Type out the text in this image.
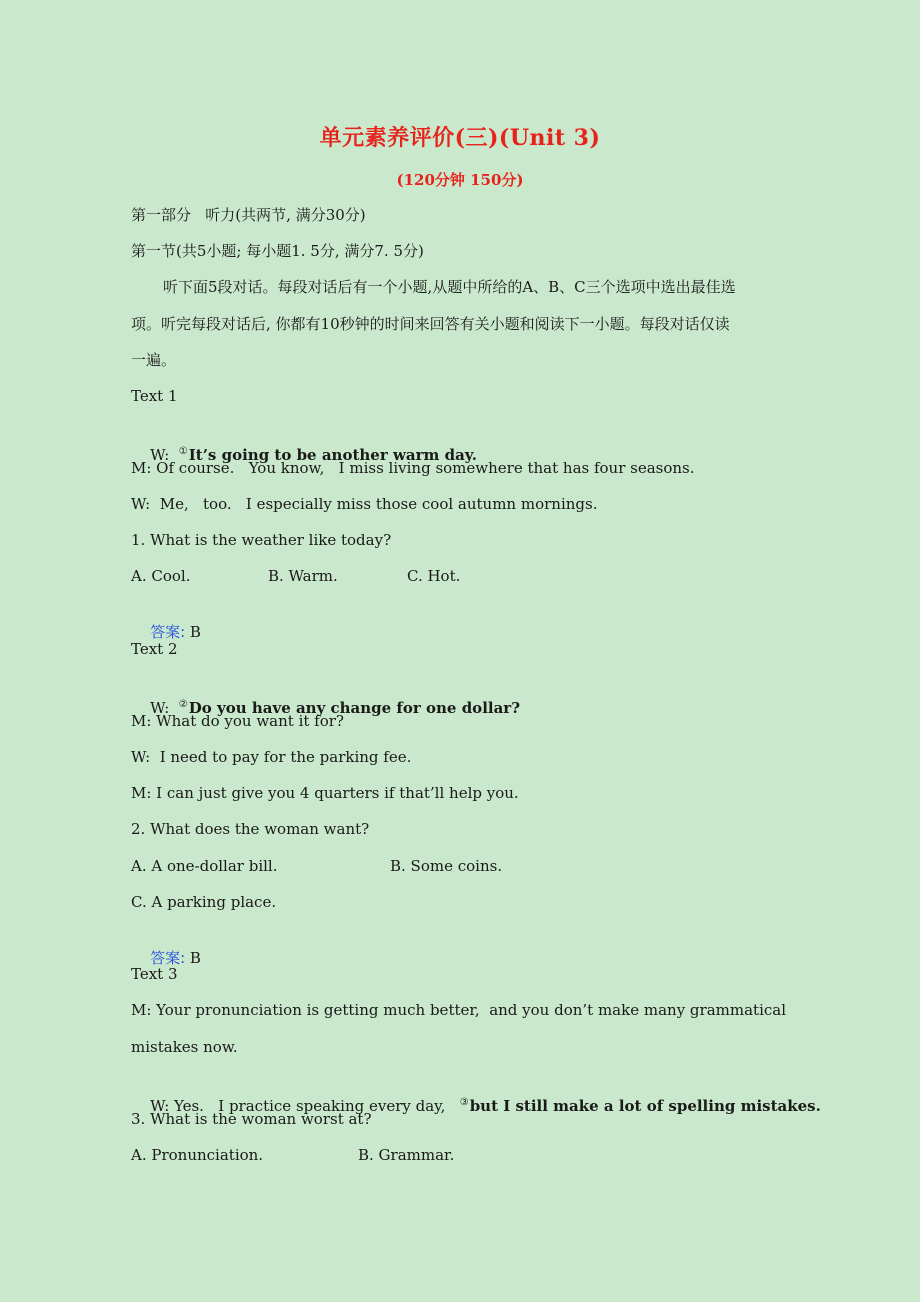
单元素养评价(三)(Unit 3)
(120分钟 150分)
第一部分   听力(共两节, 满分30分)
第一节(共5小题; 每小题1. 5分, 满分7. 5分)
听下面5段对话。每段对话后有一个小题,从题中所给的A、B、C三个选项中选出最佳选
项。听完每段对话后, 你都有10秒钟的时间来回答有关小题和阅读下一小题。每段对话仅读
一遍。
Text 1

W:  ①It’s going to be another warm day.

M: Of course.   You know,   I miss living somewhere that has four seasons.
W:  Me,   too.   I especially miss those cool autumn mornings.
1. What is the weather like today?
A. Cool.	B. Warm.	C. Hot.

答案: B

Text 2

W:  ②Do you have any change for one dollar?

M: What do you want it for?
W:  I need to pay for the parking fee.
M: I can just give you 4 quarters if that’ll help you.
2. What does the woman want?
A. A one-dollar bill.	B. Some coins.
C. A parking place.

答案: B

Text 3
M: Your pronunciation is getting much better,  and you don’t make many grammatical
mistakes now.

W: Yes.   I practice speaking every day,   ③but I still make a lot of spelling mistakes.

3. What is the woman worst at?
A. Pronunciation.	B. Grammar.
